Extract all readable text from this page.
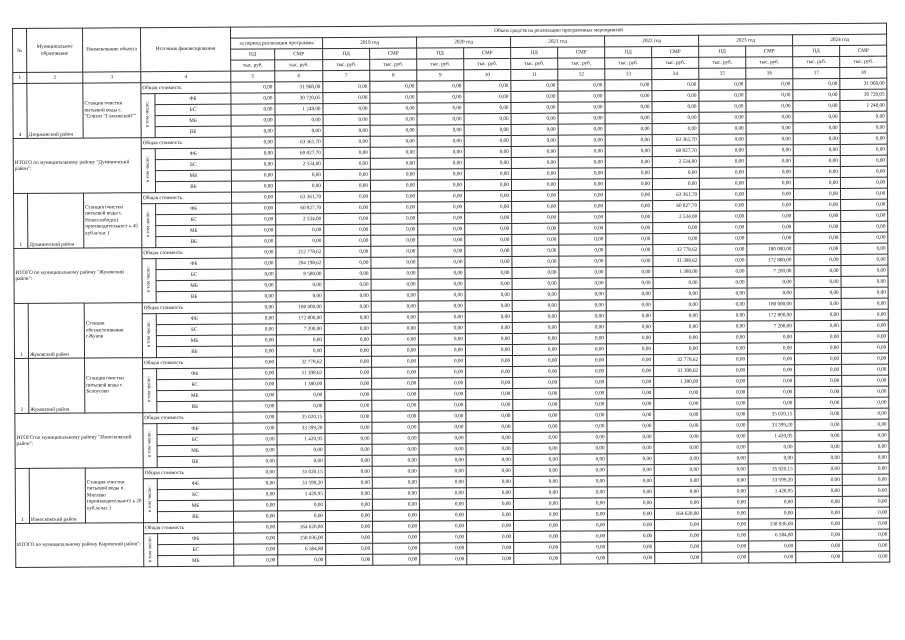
№	Муниципальное образование	Наименование объекта	Источник финансирования		Объем средств на реализацию программных мероприятий													
					за период реализации программы		2019 год		2020 год		2021 год		2022 год		2023 год		2024 год	
					ПД	СМР	ПД	СМР	ПД	СМР	ПД	СМР	ПД	СМР	ПД	СМР	ПД	СМР
					тыс. руб.	тыс. руб.	тыс. руб.	тыс. руб.	тыс. руб.	тыс. руб.	тыс. руб.	тыс. руб.	тыс. руб.	тыс. руб.	тыс. руб.	тыс. руб.	тыс. руб.	тыс. руб.
1	2	3	4		5	6	7	8	9	10	11	12	13	14	15	16	17	18
4	Дзержинский район	Станция очистки питьевой воды с. "Совхоз "Галкинский""	Общая стоимость		0,00	31 968,00	0,00	0,00	0,00	0,00	0,00	0,00	0,00	0,00	0,00	0,00	0,00	31 968,00
			в том числе:	ФБ	0,00	30 720,05	0,00	0,00	0,00	0,00	0,00	0,00	0,00	0,00	0,00	0,00	0,00	30 720,05
				БС	0,00	1 248,00	0,00	0,00	0,00	0,00	0,00	0,00	0,00	0,00	0,00	0,00	0,00	1 248,00
				МБ	0,00	0,00	0,00	0,00	0,00	0,00	0,00	0,00	0,00	0,00	0,00	0,00	0,00	0,00
				ВБ	0,00	0,00	0,00	0,00	0,00	0,00	0,00	0,00	0,00	0,00	0,00	0,00	0,00	0,00
ИТОГО по муниципальному району "Думиничский район":			Общая стоимость		0,00	63 361,70	0,00	0,00	0,00	0,00	0,00	0,00	0,00	63 361,70	0,00	0,00	0,00	0,00
			в том числе:	ФБ	0,00	60 827,70	0,00	0,00	0,00	0,00	0,00	0,00	0,00	60 827,70	0,00	0,00	0,00	0,00
				БС	0,00	2 534,00	0,00	0,00	0,00	0,00	0,00	0,00	0,00	2 534,00	0,00	0,00	0,00	0,00
				МБ	0,00	0,00	0,00	0,00	0,00	0,00	0,00	0,00	0,00	0,00	0,00	0,00	0,00	0,00
				ВБ	0,00	0,00	0,00	0,00	0,00	0,00	0,00	0,00	0,00	0,00	0,00	0,00	0,00	0,00
1	Думиничский район	Станция очистки питьевой воды с. Новослободск( производительност ь 45 куб.м/час )	Общая стоимость		0,00	63 361,70	0,00	0,00	0,00	0,00	0,00	0,00	0,00	63 361,70	0,00	0,00	0,00	0,00
			в том числе:	ФБ	0,00	60 827,70	0,00	0,00	0,00	0,00	0,00	0,00	0,00	60 827,70	0,00	0,00	0,00	0,00
				БС	0,00	2 534,00	0,00	0,00	0,00	0,00	0,00	0,00	0,00	2 534,00	0,00	0,00	0,00	0,00
				МБ	0,00	0,00	0,00	0,00	0,00	0,00	0,00	0,00	0,00	0,00	0,00	0,00	0,00	0,00
				ВБ	0,00	0,00	0,00	0,00	0,00	0,00	0,00	0,00	0,00	0,00	0,00	0,00	0,00	0,00
ИТОГО по муниципальному району "Жуковский район":			Общая стоимость		0,00	212 778,62	0,00	0,00	0,00	0,00	0,00	0,00	0,00	32 778,62	0,00	180 000,00	0,00	0,00
			в том числе:	ФБ	0,00	204 198,62	0,00	0,00	0,00	0,00	0,00	0,00	0,00	31 398,62	0,00	172 800,00	0,00	0,00
				БС	0,00	8 580,00	0,00	0,00	0,00	0,00	0,00	0,00	0,00	1 380,00	0,00	7 200,00	0,00	0,00
				МБ	0,00	0,00	0,00	0,00	0,00	0,00	0,00	0,00	0,00	0,00	0,00	0,00	0,00	0,00
				ВБ	0,00	0,00	0,00	0,00	0,00	0,00	0,00	0,00	0,00	0,00	0,00	0,00	0,00	0,00
1	Жуковский район	Станция обезжелезивания г.Жуков	Общая стоимость		0,00	180 000,00	0,00	0,00	0,00	0,00	0,00	0,00	0,00	0,00	0,00	180 000,00	0,00	0,00
			в том числе:	ФБ	0,00	172 800,00	0,00	0,00	0,00	0,00	0,00	0,00	0,00	0,00	0,00	172 800,00	0,00	0,00
				БС	0,00	7 200,00	0,00	0,00	0,00	0,00	0,00	0,00	0,00	0,00	0,00	7 200,00	0,00	0,00
				МБ	0,00	0,00	0,00	0,00	0,00	0,00	0,00	0,00	0,00	0,00	0,00	0,00	0,00	0,00
				ВБ	0,00	0,00	0,00	0,00	0,00	0,00	0,00	0,00	0,00	0,00	0,00	0,00	0,00	0,00
2	Жуковский район	Станция очистки питьевой воды г. Белоусово	Общая стоимость		0,00	32 778,62	0,00	0,00	0,00	0,00	0,00	0,00	0,00	32 778,62	0,00	0,00	0,00	0,00
			в том числе:	ФБ	0,00	31 398,62	0,00	0,00	0,00	0,00	0,00	0,00	0,00	31 398,62	0,00	0,00	0,00	0,00
				БС	0,00	1 380,00	0,00	0,00	0,00	0,00	0,00	0,00	0,00	1 380,00	0,00	0,00	0,00	0,00
				МБ	0,00	0,00	0,00	0,00	0,00	0,00	0,00	0,00	0,00	0,00	0,00	0,00	0,00	0,00
				ВБ	0,00	0,00	0,00	0,00	0,00	0,00	0,00	0,00	0,00	0,00	0,00	0,00	0,00	0,00
ИТОГО по муниципальному району "Износковский район":			Общая стоимость		0,00	35 020,15	0,00	0,00	0,00	0,00	0,00	0,00	0,00	0,00	0,00	35 020,15	0,00	0,00
			в том числе:	ФБ	0,00	33 599,20	0,00	0,00	0,00	0,00	0,00	0,00	0,00	0,00	0,00	33 599,20	0,00	0,00
				БС	0,00	1 420,95	0,00	0,00	0,00	0,00	0,00	0,00	0,00	0,00	0,00	1 420,95	0,00	0,00
				МБ	0,00	0,00	0,00	0,00	0,00	0,00	0,00	0,00	0,00	0,00	0,00	0,00	0,00	0,00
				ВБ	0,00	0,00	0,00	0,00	0,00	0,00	0,00	0,00	0,00	0,00	0,00	0,00	0,00	0,00
1	Износковский район	Станция очистки питьевой воды п. Мятлево (производительност ь 20 куб.м/час )	Общая стоимость		0,00	35 020,15	0,00	0,00	0,00	0,00	0,00	0,00	0,00	0,00	0,00	35 020,15	0,00	0,00
			в том числе:	ФБ	0,00	33 599,20	0,00	0,00	0,00	0,00	0,00	0,00	0,00	0,00	0,00	33 599,20	0,00	0,00
				БС	0,00	1 420,95	0,00	0,00	0,00	0,00	0,00	0,00	0,00	0,00	0,00	1 420,95	0,00	0,00
				МБ	0,00	0,00	0,00	0,00	0,00	0,00	0,00	0,00	0,00	0,00	0,00	0,00	0,00	0,00
				ВБ	0,00	0,00	0,00	0,00	0,00	0,00	0,00	0,00	0,00	164 620,80	0,00	0,00	0,00	0,00
ИТОГО по муниципальному району Кировский район":			Общая стоимость		0,00	164 620,80	0,00	0,00	0,00	0,00	0,00	0,00	0,00	0,00	0,00	158 036,00	0,00	0,00
			в том числе:	ФБ	0,00	158 036,00	0,00	0,00	0,00	0,00	0,00	0,00	0,00	0,00	0,00	6 584,80	0,00	0,00
				БС	0,00	6 584,80	0,00	0,00	0,00	0,00	0,00	0,00	0,00	0,00	0,00	0,00	0,00	0,00
				МБ	0,00	0,00	0,00	0,00	0,00	0,00	0,00	0,00	0,00	0,00	0,00	0,00	0,00	0,00
